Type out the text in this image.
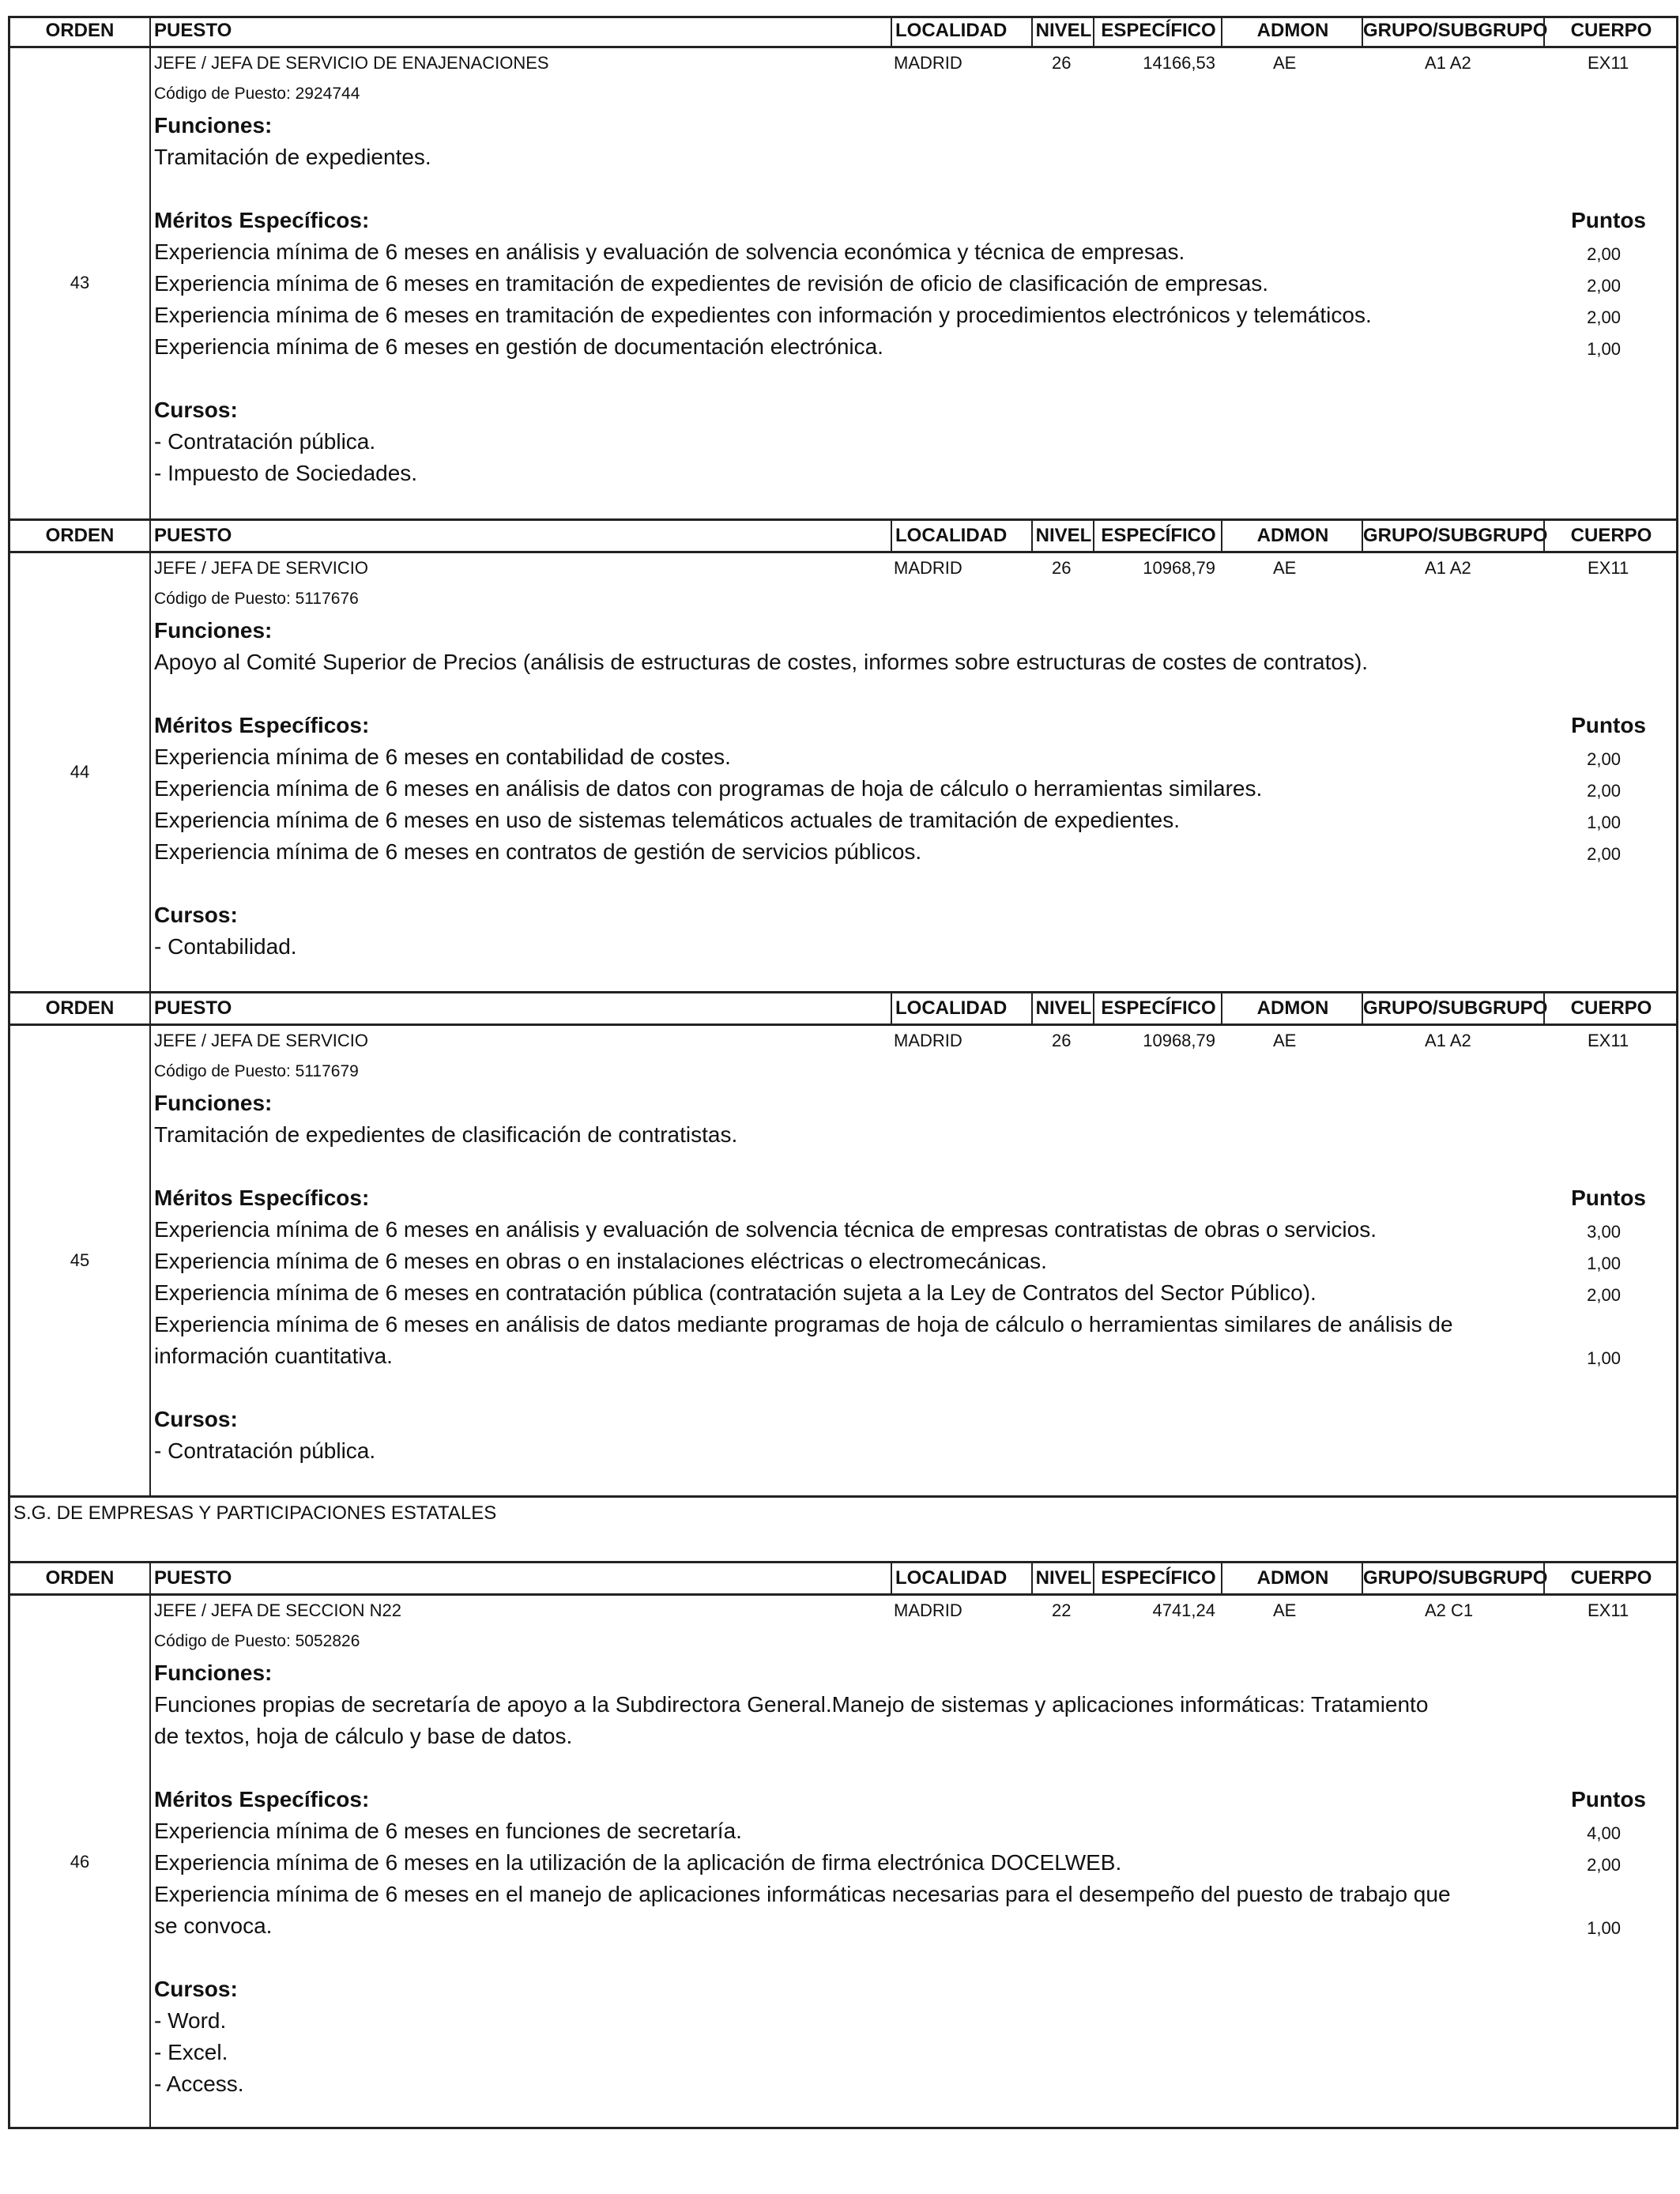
ORDEN	PUESTO	LOCALIDAD	NIVEL ESPECÍFICO	ADMON	GRUPO/SUBGRUPO	CUERPO
43
JEFE / JEFA DE SERVICIO DE ENAJENACIONES	MADRID	26	14166,53	AE	A1 A2	EX11
Código de Puesto: 2924744
Funciones:
Tramitación de expedientes.
Méritos Específicos:	Puntos
Experiencia mínima de 6 meses en análisis y evaluación de solvencia económica y técnica de empresas.	2,00
Experiencia mínima de 6 meses en tramitación de expedientes de revisión de oficio de clasificación de empresas.	2,00
Experiencia mínima de 6 meses en tramitación de expedientes con información y procedimientos electrónicos y telemáticos.	2,00
Experiencia mínima de 6 meses en gestión de documentación electrónica.	1,00
Cursos:
- Contratación pública.
- Impuesto de Sociedades.
ORDEN	PUESTO	LOCALIDAD	NIVEL ESPECÍFICO	ADMON	GRUPO/SUBGRUPO	CUERPO
44
JEFE / JEFA DE SERVICIO	MADRID	26	10968,79	AE	A1 A2	EX11
Código de Puesto: 5117676
Funciones:
Apoyo al Comité Superior de Precios (análisis de estructuras de costes, informes sobre estructuras de costes de contratos).
Méritos Específicos:	Puntos
Experiencia mínima de 6 meses en contabilidad de costes.	2,00
Experiencia mínima de 6 meses en análisis de datos con programas de hoja de cálculo o herramientas similares.	2,00
Experiencia mínima de 6 meses en uso de sistemas telemáticos actuales de tramitación de expedientes.	1,00
Experiencia mínima de 6 meses en contratos de gestión de servicios públicos.	2,00
Cursos:
- Contabilidad.
ORDEN	PUESTO	LOCALIDAD	NIVEL ESPECÍFICO	ADMON	GRUPO/SUBGRUPO	CUERPO
45
JEFE / JEFA DE SERVICIO	MADRID	26	10968,79	AE	A1 A2	EX11
Código de Puesto: 5117679
Funciones:
Tramitación de expedientes de clasificación de contratistas.
Méritos Específicos:	Puntos
Experiencia mínima de 6 meses en análisis y evaluación de solvencia técnica de empresas contratistas de obras o servicios.	3,00
Experiencia mínima de 6 meses en obras o en instalaciones eléctricas o electromecánicas.	1,00
Experiencia mínima de 6 meses en contratación pública (contratación sujeta a la Ley de Contratos del Sector Público).	2,00
Experiencia mínima de 6 meses en análisis de datos mediante programas de hoja de cálculo o herramientas similares de análisis de
información cuantitativa.	1,00
Cursos:
- Contratación pública.
S.G. DE EMPRESAS Y PARTICIPACIONES ESTATALES
ORDEN	PUESTO	LOCALIDAD	NIVEL ESPECÍFICO	ADMON	GRUPO/SUBGRUPO	CUERPO
46
JEFE / JEFA DE SECCION N22	MADRID	22	4741,24	AE	A2 C1	EX11
Código de Puesto: 5052826
Funciones:
Funciones propias de secretaría de apoyo a la Subdirectora General.Manejo de sistemas y aplicaciones informáticas: Tratamiento
de textos, hoja de cálculo y base de datos.
Méritos Específicos:	Puntos
Experiencia mínima de 6 meses en funciones de secretaría.	4,00
Experiencia mínima de 6 meses en la utilización de la aplicación de firma electrónica DOCELWEB.	2,00
Experiencia mínima de 6 meses en el manejo de aplicaciones informáticas necesarias para el desempeño del puesto de trabajo que
se convoca.	1,00
Cursos:
- Word.
- Excel.
- Access.
